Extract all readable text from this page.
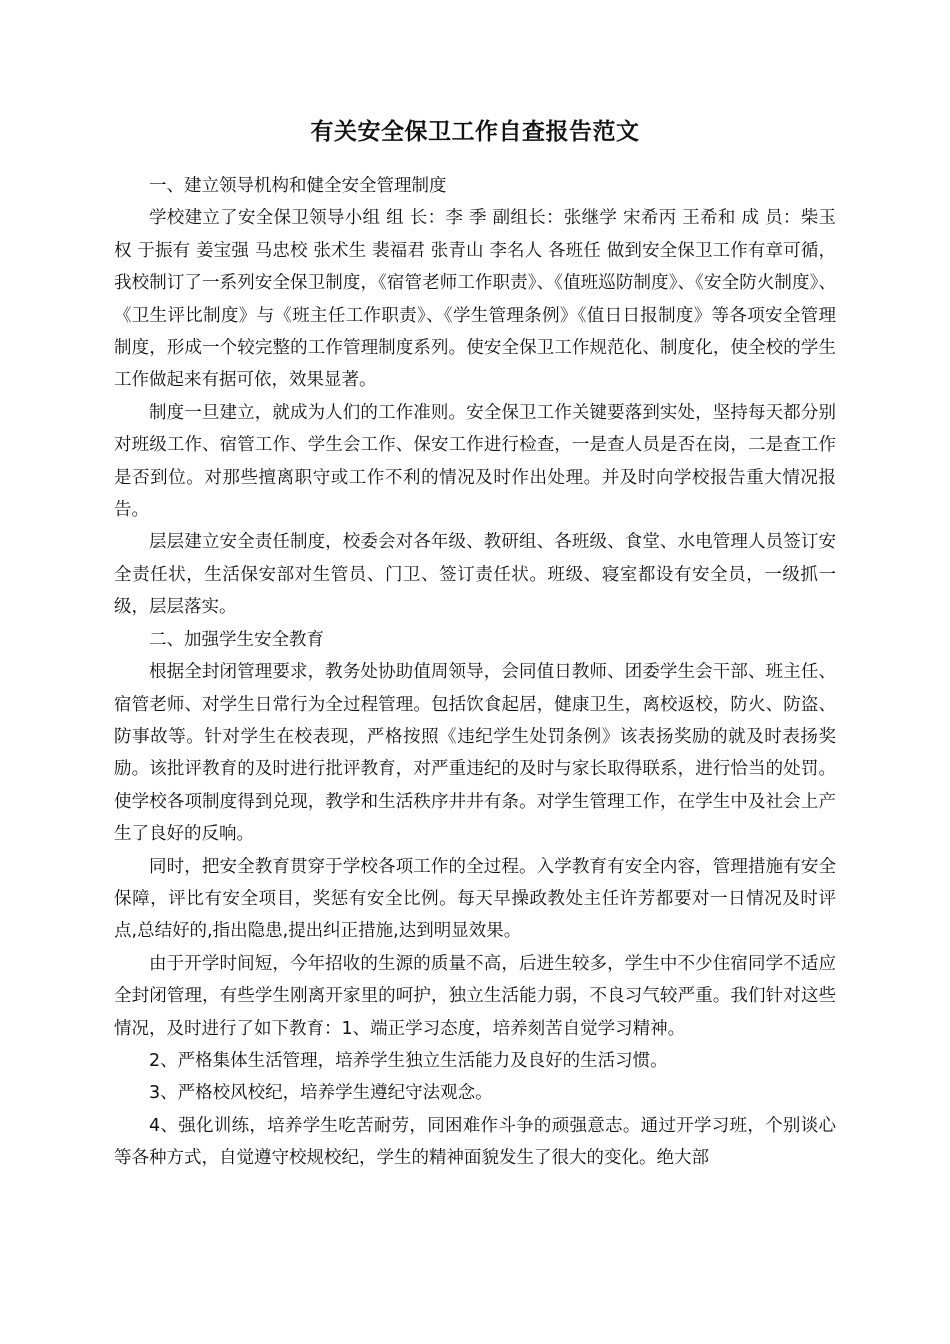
有关安全保卫工作自查报告范文

一、建立领导机构和健全安全管理制度

学校建立了安全保卫领导小组 组 长：李 季 副组长：张继学 宋希丙 王希和 成 员：柴玉权 于振有 姜宝强 马忠校 张术生 裴福君 张青山 李名人 各班任 做到安全保卫工作有章可循，我校制订了一系列安全保卫制度，《宿管老师工作职责》、《值班巡防制度》、《安全防火制度》、《卫生评比制度》与《班主任工作职责》、《学生管理条例》《值日日报制度》等各项安全管理制度，形成一个较完整的工作管理制度系列。使安全保卫工作规范化、制度化，使全校的学生工作做起来有据可依，效果显著。

制度一旦建立，就成为人们的工作准则。安全保卫工作关键要落到实处，坚持每天都分别对班级工作、宿管工作、学生会工作、保安工作进行检查，一是查人员是否在岗，二是查工作是否到位。对那些擅离职守或工作不利的情况及时作出处理。并及时向学校报告重大情况报告。

层层建立安全责任制度，校委会对各年级、教研组、各班级、食堂、水电管理人员签订安全责任状，生活保安部对生管员、门卫、签订责任状。班级、寝室都设有安全员，一级抓一级，层层落实。

二、加强学生安全教育

根据全封闭管理要求，教务处协助值周领导，会同值日教师、团委学生会干部、班主任、宿管老师、对学生日常行为全过程管理。包括饮食起居，健康卫生，离校返校，防火、防盗、防事故等。针对学生在校表现，严格按照《违纪学生处罚条例》该表扬奖励的就及时表扬奖励。该批评教育的及时进行批评教育，对严重违纪的及时与家长取得联系，进行恰当的处罚。使学校各项制度得到兑现，教学和生活秩序井井有条。对学生管理工作，在学生中及社会上产生了良好的反响。

同时，把安全教育贯穿于学校各项工作的全过程。入学教育有安全内容，管理措施有安全保障，评比有安全项目，奖惩有安全比例。每天早操政教处主任许芳都要对一日情况及时评点,总结好的,指出隐患,提出纠正措施,达到明显效果。

由于开学时间短，今年招收的生源的质量不高，后进生较多，学生中不少住宿同学不适应全封闭管理，有些学生刚离开家里的呵护，独立生活能力弱，不良习气较严重。我们针对这些情况，及时进行了如下教育：1、端正学习态度，培养刻苦自觉学习精神。

2、严格集体生活管理，培养学生独立生活能力及良好的生活习惯。

3、严格校风校纪，培养学生遵纪守法观念。

4、强化训练，培养学生吃苦耐劳，同困难作斗争的顽强意志。通过开学习班，个别谈心等各种方式，自觉遵守校规校纪，学生的精神面貌发生了很大的变化。绝大部
